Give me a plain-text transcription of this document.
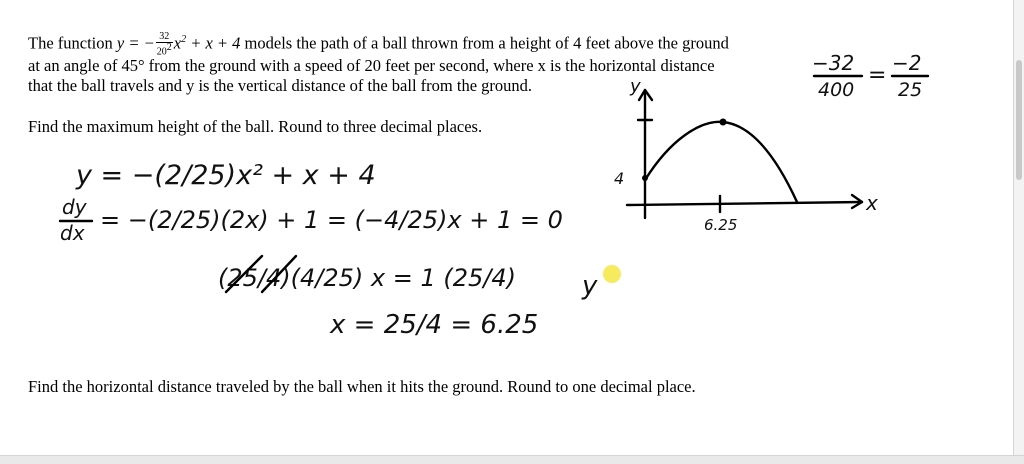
The function y = − $\frac{32}{20^2} x^2 + x + 4$ models the path of a ball thrown from a height of 4 feet above the ground
at an angle of 45° from the ground with a speed of 20 feet per second, where x is the horizontal distance
that the ball travels and y is the vertical distance of the ball from the ground.
Find the maximum height of the ball. Round to three decimal places.
Find the horizontal distance traveled by the ball when it hits the ground. Round to one decimal place.
−32
400
= −2
25
y = −(2/25)x² + x + 4
dy
dx = −(2/25)(2x) + 1 = (−4/25)x + 1 = 0
(25/4)(4/25) x = 1 (25/4)
x = 25/4 = 6.25
y
y
x
4
6.25
